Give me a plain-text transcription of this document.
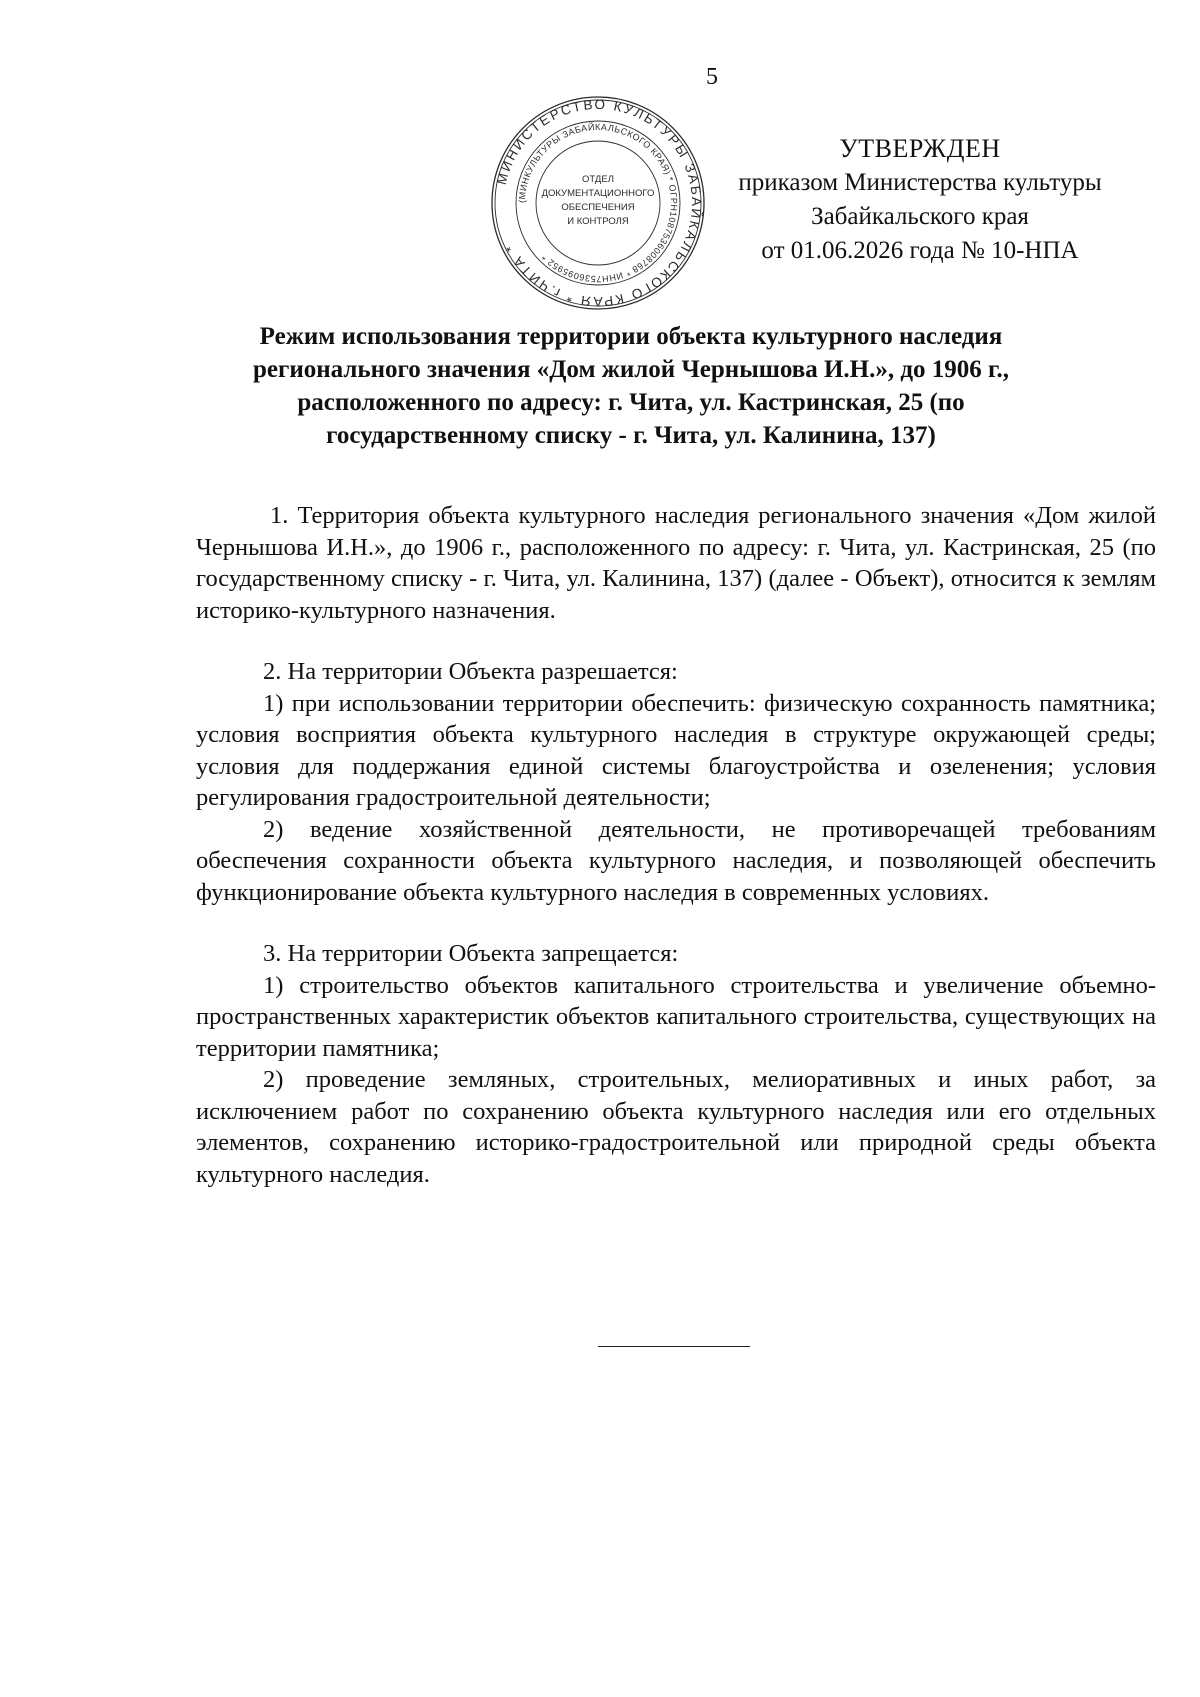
5
МИНИСТЕРСТВО КУЛЬТУРЫ ЗАБАЙКАЛЬСКОГО КРАЯ * г.ЧИТА *
(МИНКУЛЬТУРЫ ЗАБАЙКАЛЬСКОГО КРАЯ) * ОГРН1087536008768 * ИНН7536095952 *
ОТДЕЛ
ДОКУМЕНТАЦИОННОГО
ОБЕСПЕЧЕНИЯ
И КОНТРОЛЯ
УТВЕРЖДЕН
приказом Министерства культуры
Забайкальского края
от 01.06.2026 года № 10-НПА
Режим использования территории объекта культурного наследия регионального значения «Дом жилой Чернышова И.Н.», до 1906 г., расположенного по адресу: г. Чита, ул. Кастринская, 25 (по государственному списку - г. Чита, ул. Калинина, 137)

1. Территория объекта культурного наследия регионального значения «Дом жилой Чернышова И.Н.», до 1906 г., расположенного по адресу: г. Чита, ул. Кастринская, 25 (по государственному списку - г. Чита, ул. Калинина, 137) (далее - Объект), относится к землям историко-культурного назначения.

2. На территории Объекта разрешается:

1) при использовании территории обеспечить: физическую сохранность памятника; условия восприятия объекта культурного наследия в структуре окружающей среды; условия для поддержания единой системы благоустройства и озеленения; условия регулирования градостроительной деятельности;

2) ведение хозяйственной деятельности, не противоречащей требованиям обеспечения сохранности объекта культурного наследия, и позволяющей обеспечить функционирование объекта культурного наследия в современных условиях.

3. На территории Объекта запрещается:

1) строительство объектов капитального строительства и увеличение объемно-пространственных характеристик объектов капитального строительства, существующих на территории памятника;

2) проведение земляных, строительных, мелиоративных и иных работ, за исключением работ по сохранению объекта культурного наследия или его отдельных элементов, сохранению историко-градостроительной или природной среды объекта культурного наследия.
